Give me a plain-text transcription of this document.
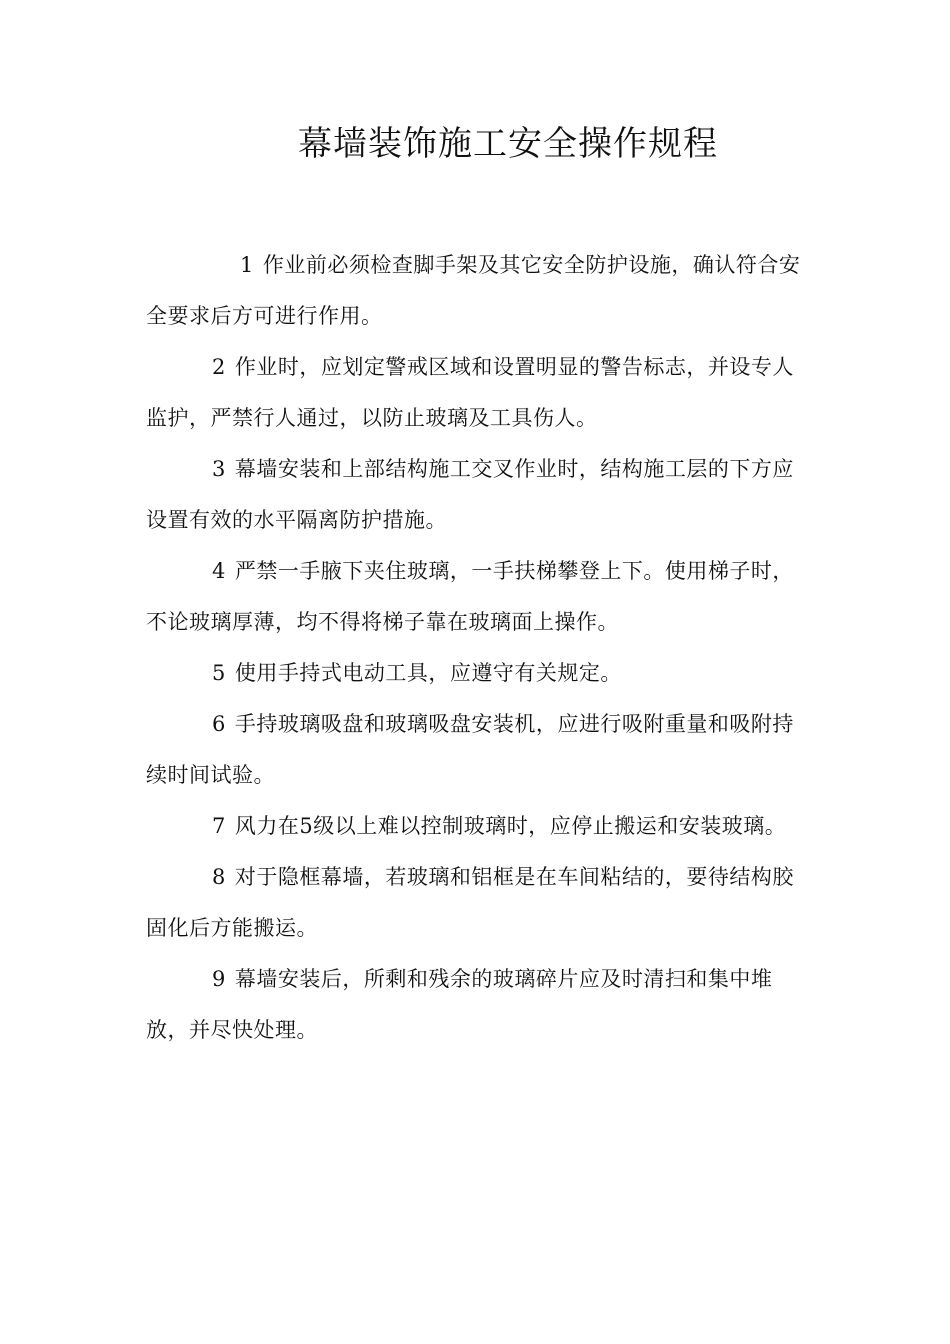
幕墙装饰施工安全操作规程
1 作业前必须检查脚手架及其它安全防护设施，确认符合安全要求后方可进行作用。
2 作业时，应划定警戒区域和设置明显的警告标志，并设专人监护，严禁行人通过，以防止玻璃及工具伤人。
3 幕墙安装和上部结构施工交叉作业时，结构施工层的下方应设置有效的水平隔离防护措施。
4 严禁一手腋下夹住玻璃，一手扶梯攀登上下。使用梯子时，不论玻璃厚薄，均不得将梯子靠在玻璃面上操作。
5 使用手持式电动工具，应遵守有关规定。
6 手持玻璃吸盘和玻璃吸盘安装机，应进行吸附重量和吸附持续时间试验。
7 风力在5级以上难以控制玻璃时，应停止搬运和安装玻璃。
8 对于隐框幕墙，若玻璃和铝框是在车间粘结的，要待结构胶固化后方能搬运。
9 幕墙安装后，所剩和残余的玻璃碎片应及时清扫和集中堆放，并尽快处理。
